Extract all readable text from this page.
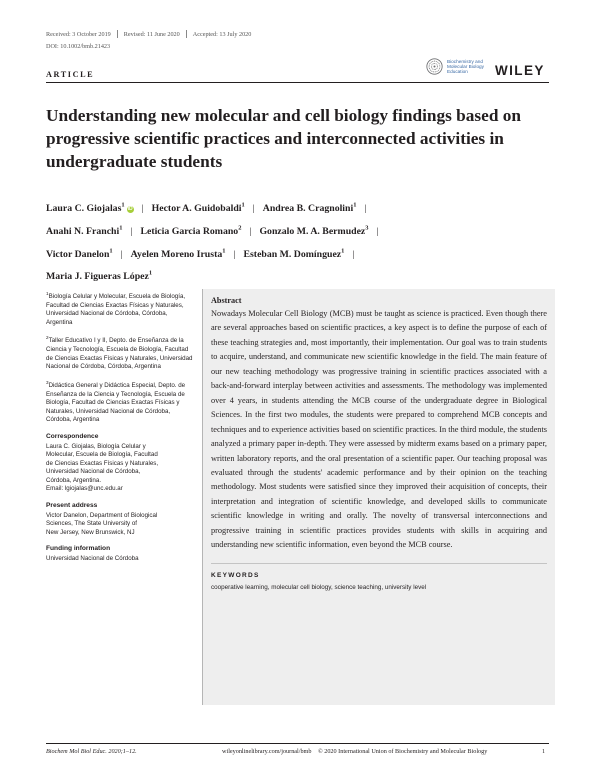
Received: 3 October 2019 Revised: 11 June 2020 Accepted: 13 July 2020
DOI: 10.1002/bmb.21423
ARTICLE
Biochemistry and
Molecular Biology
Education	WILEY
Understanding new molecular and cell biology findings based on progressive scientific practices and interconnected activities in undergraduate students
Laura C. Giojalas$^1$iD | Hector A. Guidobaldi$^1$ | Andrea B. Cragnolini$^1$ |
Anahi N. Franchi$^1$ | Leticia Garcia Romano$^2$ | Gonzalo M. A. Bermudez$^3$ |
Victor Danelon$^1$ | Ayelen Moreno Irusta$^1$ | Esteban M. Domínguez$^1$ |
Maria J. Figueras López$^1$

$^1$Biología Celular y Molecular, Escuela de Biología, Facultad de Ciencias Exactas Físicas y Naturales, Universidad Nacional de Córdoba, Córdoba, Argentina

$^2$Taller Educativo I y II, Depto. de Enseñanza de la Ciencia y Tecnología, Escuela de Biología, Facultad de Ciencias Exactas Físicas y Naturales, Universidad Nacional de Córdoba, Córdoba, Argentina

$^3$Didáctica General y Didáctica Especial, Depto. de Enseñanza de la Ciencia y Tecnología, Escuela de Biología, Facultad de Ciencias Exactas Físicas y Naturales, Universidad Nacional de Córdoba, Córdoba, Argentina

Correspondence
Laura C. Giojalas, Biología Celular y
Molecular, Escuela de Biología, Facultad
de Ciencias Exactas Físicas y Naturales,
Universidad Nacional de Córdoba,
Córdoba, Argentina.
Email: lgiojalas@unc.edu.ar
Present address
Victor Danelon, Department of Biological
Sciences, The State University of
New Jersey, New Brunswick, NJ
Funding information
Universidad Nacional de Córdoba
Abstract

Nowadays Molecular Cell Biology (MCB) must be taught as science is practiced. Even though there are several approaches based on scientific practices, a key aspect is to define the purpose of each of these teaching strategies and, most importantly, their implementation. Our goal was to train students to acquire, understand, and communicate new scientific knowledge in the field. The main feature of our new teaching methodology was progressive training in scientific practices associated with a back-and-forward interplay between activities and assessments. The methodology was implemented over 4 years, in students attending the MCB course of the undergraduate degree in Biological Sciences. In the first two modules, the students were prepared to comprehend MCB concepts and techniques and to experience activities based on scientific practices. In the third module, the students analyzed a primary paper in-depth. They were assessed by midterm exams based on a primary paper, written laboratory reports, and the oral presentation of a scientific paper. Our teaching proposal was evaluated through the students' academic performance and by their opinion on the teaching methodology. Most students were satisfied since they improved their acquisition of concepts, their interpretation and integration of scientific knowledge, and developed skills to communicate scientific knowledge in writing and orally. The novelty of transversal interconnections and progressive training in scientific practices provides students with skills in acquiring and understanding new scientific information, even beyond the MCB course.

KEYWORDS
cooperative learning, molecular cell biology, science teaching, university level
Biochem Mol Biol Educ. 2020;1–12.	wileyonlinelibrary.com/journal/bmb © 2020 International Union of Biochemistry and Molecular Biology	1
